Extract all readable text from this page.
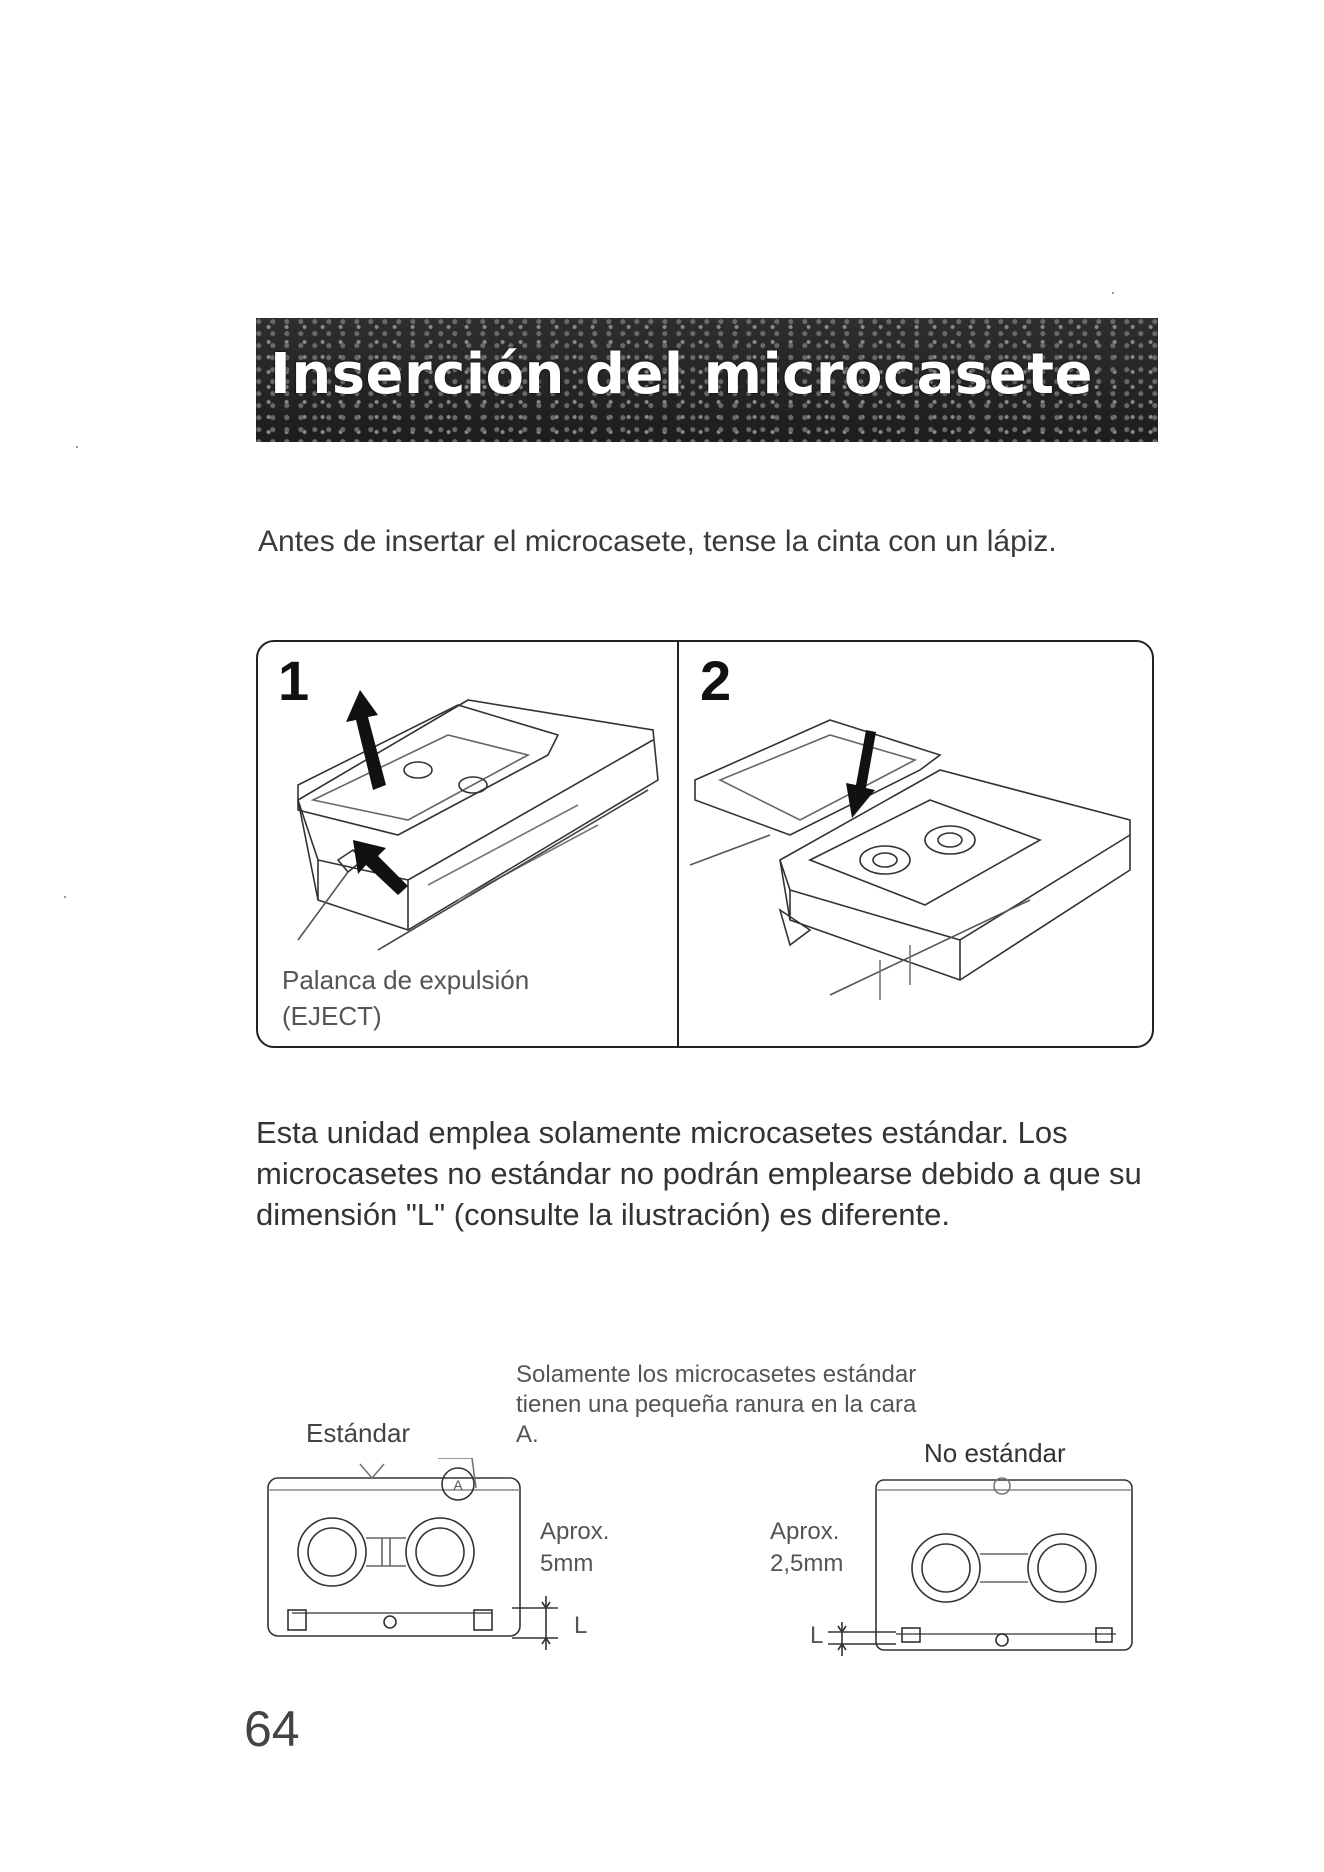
Inserción del microcasete

Antes de insertar el microcasete, tense la cinta con un lápiz.

1	2

Palanca de expulsión
(EJECT)

Esta unidad emplea solamente microcasetes estándar. Los microcasetes no estándar no podrán emplearse debido a que su dimensión "L" (consulte la ilustración) es diferente.

Solamente los microcasetes estándar tienen una pequeña ranura en la cara A.

Estándar

No estándar

A

Aprox.
5mm

L

Aprox.
2,5mm

L

64
